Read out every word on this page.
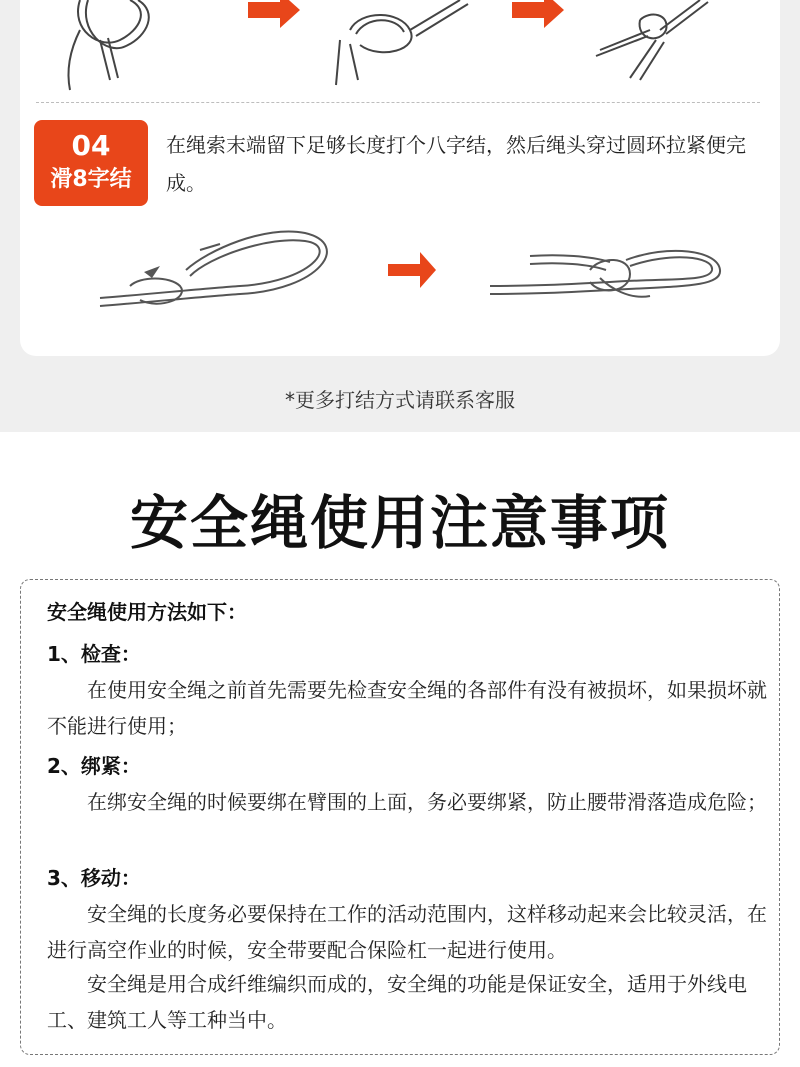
04
滑8字结
在绳索末端留下足够长度打个八字结，然后绳头穿过圆环拉紧便完成。
*更多打结方式请联系客服
安全绳使用注意事项
安全绳使用方法如下：
1、检查：
在使用安全绳之前首先需要先检查安全绳的各部件有没有被损坏，如果损坏就不能进行使用；
2、绑紧：
在绑安全绳的时候要绑在臂围的上面，务必要绑紧，防止腰带滑落造成危险；
3、移动：
安全绳的长度务必要保持在工作的活动范围内，这样移动起来会比较灵活，在进行高空作业的时候，安全带要配合保险杠一起进行使用。
安全绳是用合成纤维编织而成的，安全绳的功能是保证安全，适用于外线电工、建筑工人等工种当中。
